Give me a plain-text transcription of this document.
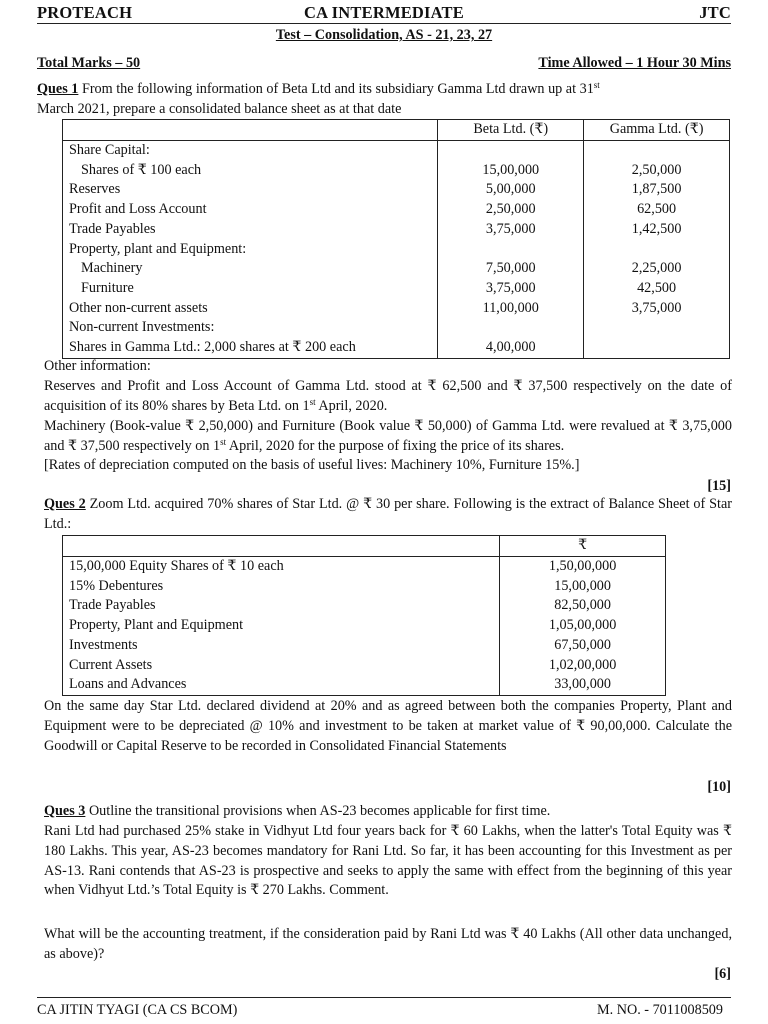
PROTEACH	CA INTERMEDIATE	JTC
Test – Consolidation, AS - 21, 23, 27
Total Marks – 50	Time Allowed – 1 Hour 30 Mins

Ques 1 From the following information of Beta Ltd and its subsidiary Gamma Ltd drawn up at 31st
March 2021, prepare a consolidated balance sheet as at that date

	Beta Ltd. (₹)	Gamma Ltd. (₹)
Share Capital:		
Shares of ₹ 100 each	15,00,000	2,50,000
Reserves	5,00,000	1,87,500
Profit and Loss Account	2,50,000	62,500
Trade Payables	3,75,000	1,42,500
Property, plant and Equipment:		
Machinery	7,50,000	2,25,000
Furniture	3,75,000	42,500
Other non-current assets	11,00,000	3,75,000
Non-current Investments:		
Shares in Gamma Ltd.: 2,000 shares at ₹ 200 each	4,00,000	
Other information:

Reserves and Profit and Loss Account of Gamma Ltd. stood at ₹ 62,500 and ₹ 37,500 respectively on the date of acquisition of its 80% shares by Beta Ltd. on 1st April, 2020.

Machinery (Book-value ₹ 2,50,000) and Furniture (Book value ₹ 50,000) of Gamma Ltd. were revalued at ₹ 3,75,000 and ₹ 37,500 respectively on 1st April, 2020 for the purpose of fixing the price of its shares.

[Rates of depreciation computed on the basis of useful lives: Machinery 10%, Furniture 15%.]

[15]

Ques 2 Zoom Ltd. acquired 70% shares of Star Ltd. @ ₹ 30 per share. Following is the extract of Balance Sheet of Star Ltd.:

	₹
15,00,000 Equity Shares of ₹ 10 each	1,50,00,000
15% Debentures	15,00,000
Trade Payables	82,50,000
Property, Plant and Equipment	1,05,00,000
Investments	67,50,000
Current Assets	1,02,00,000
Loans and Advances	33,00,000

On the same day Star Ltd. declared dividend at 20% and as agreed between both the companies Property, Plant and Equipment were to be depreciated @ 10% and investment to be taken at market value of ₹ 90,00,000. Calculate the Goodwill or Capital Reserve to be recorded in Consolidated Financial Statements

[10]

Ques 3 Outline the transitional provisions when AS-23 becomes applicable for first time.

Rani Ltd had purchased 25% stake in Vidhyut Ltd four years back for ₹ 60 Lakhs, when the latter's Total Equity was ₹ 180 Lakhs. This year, AS-23 becomes mandatory for Rani Ltd. So far, it has been accounting for this Investment as per AS-13. Rani contends that AS-23 is prospective and seeks to apply the same with effect from the beginning of this year when Vidhyut Ltd.’s Total Equity is ₹ 270 Lakhs. Comment.

What will be the accounting treatment, if the consideration paid by Rani Ltd was ₹ 40 Lakhs (All other data unchanged, as above)?

[6]
CA JITIN TYAGI (CA CS BCOM)	M. NO. - 7011008509
